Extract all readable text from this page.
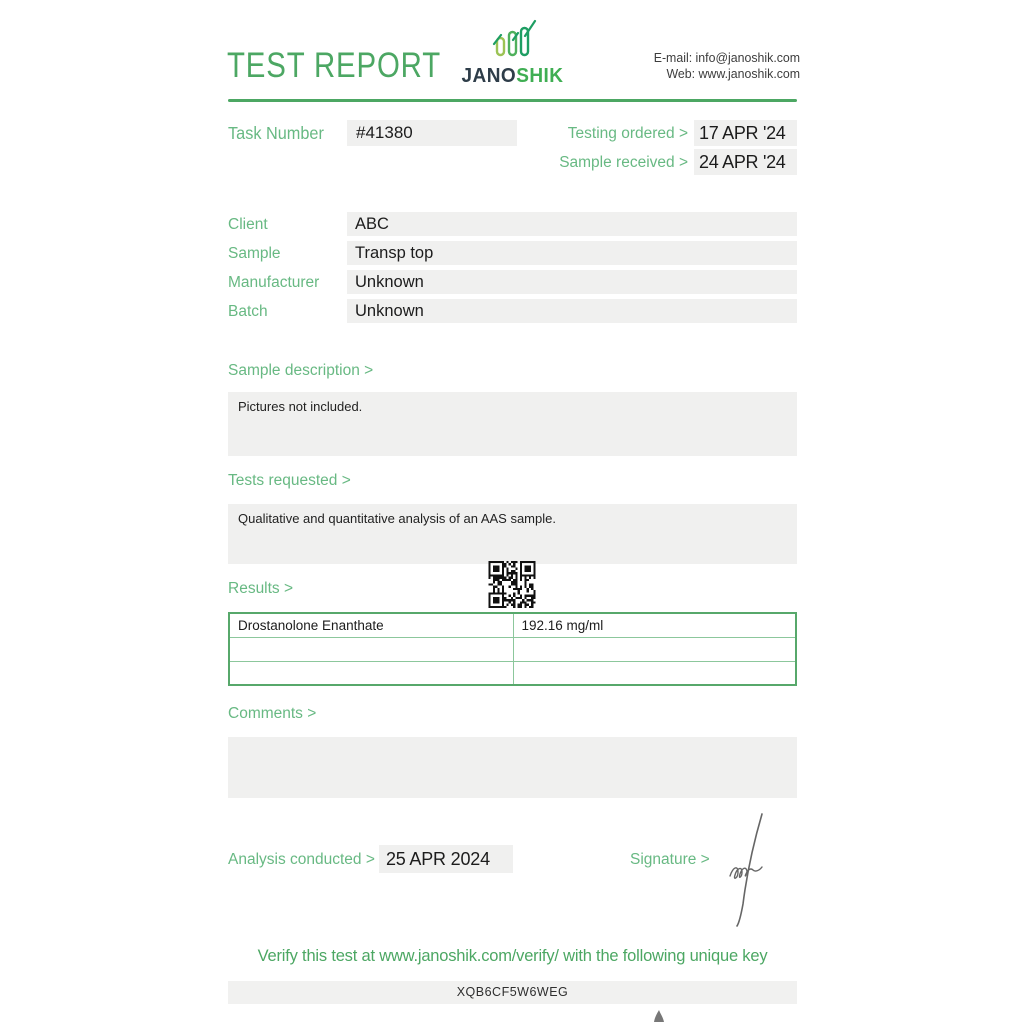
TEST REPORT JANOSHIK
E-mail: info@janoshik.com
Web: www.janoshik.com
Task Number	#41380	Testing ordered > 17 APR '24
Sample received > 24 APR '24
Client	ABC
Sample	Transp top
Manufacturer	Unknown
Batch	Unknown
Sample description >
Pictures not included.
Tests requested >
Qualitative and quantitative analysis of an AAS sample.
Results >
Drostanolone Enanthate	192.16 mg/ml

Comments >
Analysis conducted > 25 APR 2024	Signature >
Verify this test at www.janoshik.com/verify/ with the following unique key
XQB6CF5W6WEG
